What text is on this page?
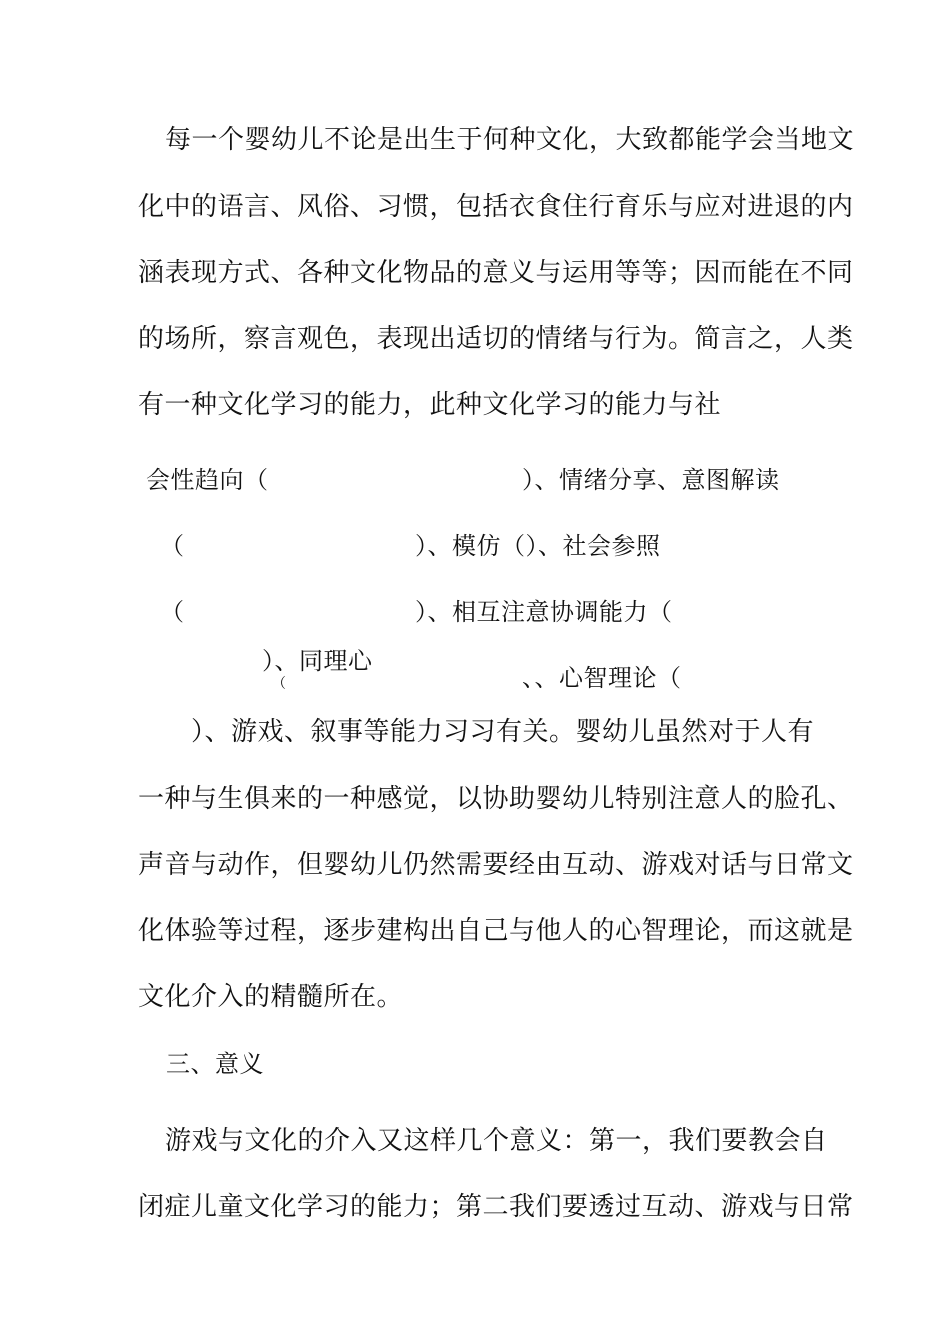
每一个婴幼儿不论是出生于何种文化，大致都能学会当地文
化中的语言、风俗、习惯，包括衣食住行育乐与应对进退的内
涵表现方式、各种文化物品的意义与运用等等；因而能在不同
的场所，察言观色，表现出适切的情绪与行为。简言之，人类
有一种文化学习的能力，此种文化学习的能力与社
会性趋向（	）、情绪分享、意图解读
（	）、模仿（）、社会参照
（	）、相互注意协调能力（
）、同理心
（	、、心智理论（
）、游戏、叙事等能力习习有关。婴幼儿虽然对于人有
一种与生俱来的一种感觉，以协助婴幼儿特别注意人的脸孔、
声音与动作，但婴幼儿仍然需要经由互动、游戏对话与日常文
化体验等过程，逐步建构出自己与他人的心智理论，而这就是
文化介入的精髓所在。
三、意义
游戏与文化的介入又这样几个意义：第一，我们要教会自
闭症儿童文化学习的能力；第二我们要透过互动、游戏与日常
